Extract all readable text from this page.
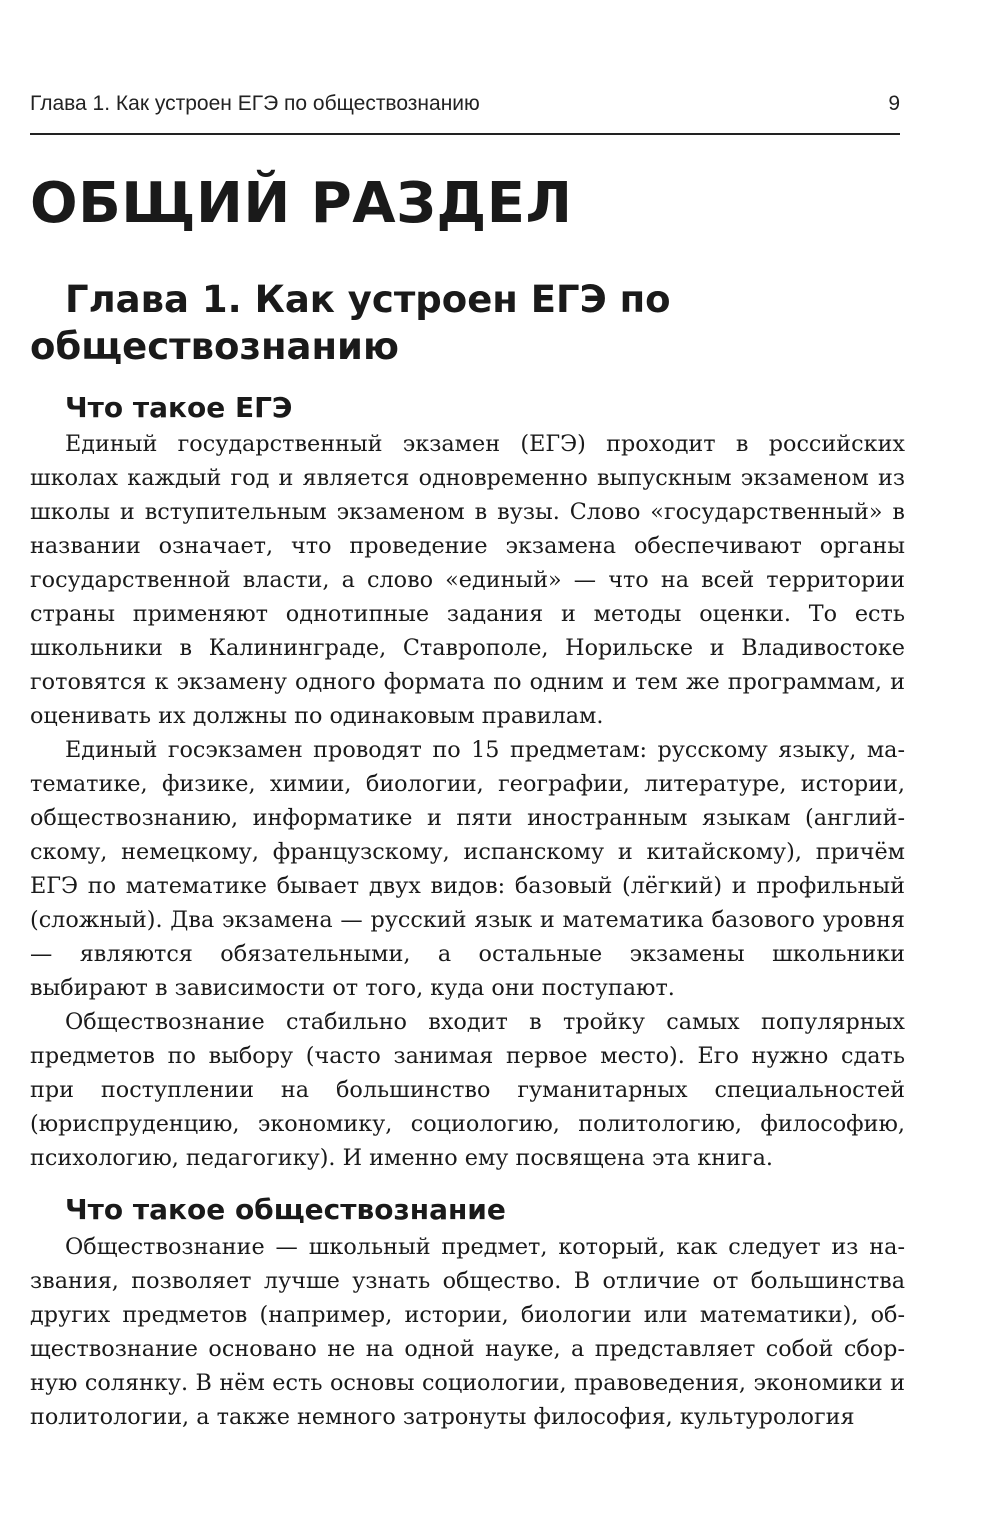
Глава 1. Как устроен ЕГЭ по обществознанию	9
ОБЩИЙ РАЗДЕЛ
Глава 1. Как устроен ЕГЭ по
обществознанию
Что такое ЕГЭ

Единый государственный экзамен (ЕГЭ) проходит в российских школах каждый год и является одновременно выпускным экзаменом из школы и вступительным экзаменом в вузы. Слово «государственный» в названии означает, что проведение экзамена обеспечивают органы государственной власти, а слово «единый» — что на всей территории страны применяют однотипные задания и методы оценки. То есть школьники в Калининграде, Ставрополе, Норильске и Владивостоке готовятся к экзамену одного формата по одним и тем же программам, и оценивать их должны по одинаковым правилам.

Единый госэкзамен проводят по 15 предметам: русскому языку, математике, физике, химии, биологии, географии, литературе, истории, обществознанию, информатике и пяти иностранным языкам (английскому, немецкому, французскому, испанскому и китайскому), причём ЕГЭ по математике бывает двух видов: базовый (лёгкий) и профильный (сложный). Два экзамена — русский язык и математика базового уровня — являются обязательными, а остальные экзамены школьники выбирают в зависимости от того, куда они поступают.

Обществознание стабильно входит в тройку самых популярных предметов по выбору (часто занимая первое место). Его нужно сдать при поступлении на большинство гуманитарных специальностей (юриспруденцию, экономику, социологию, политологию, философию, психологию, педагогику). И именно ему посвящена эта книга.

Что такое обществознание

Обществознание — школьный предмет, который, как следует из названия, позволяет лучше узнать общество. В отличие от большинства других предметов (например, истории, биологии или математики), обществознание основано не на одной науке, а представляет собой сборную солянку. В нём есть основы социологии, правоведения, экономики и политологии, а также немного затронуты философия, культурология
